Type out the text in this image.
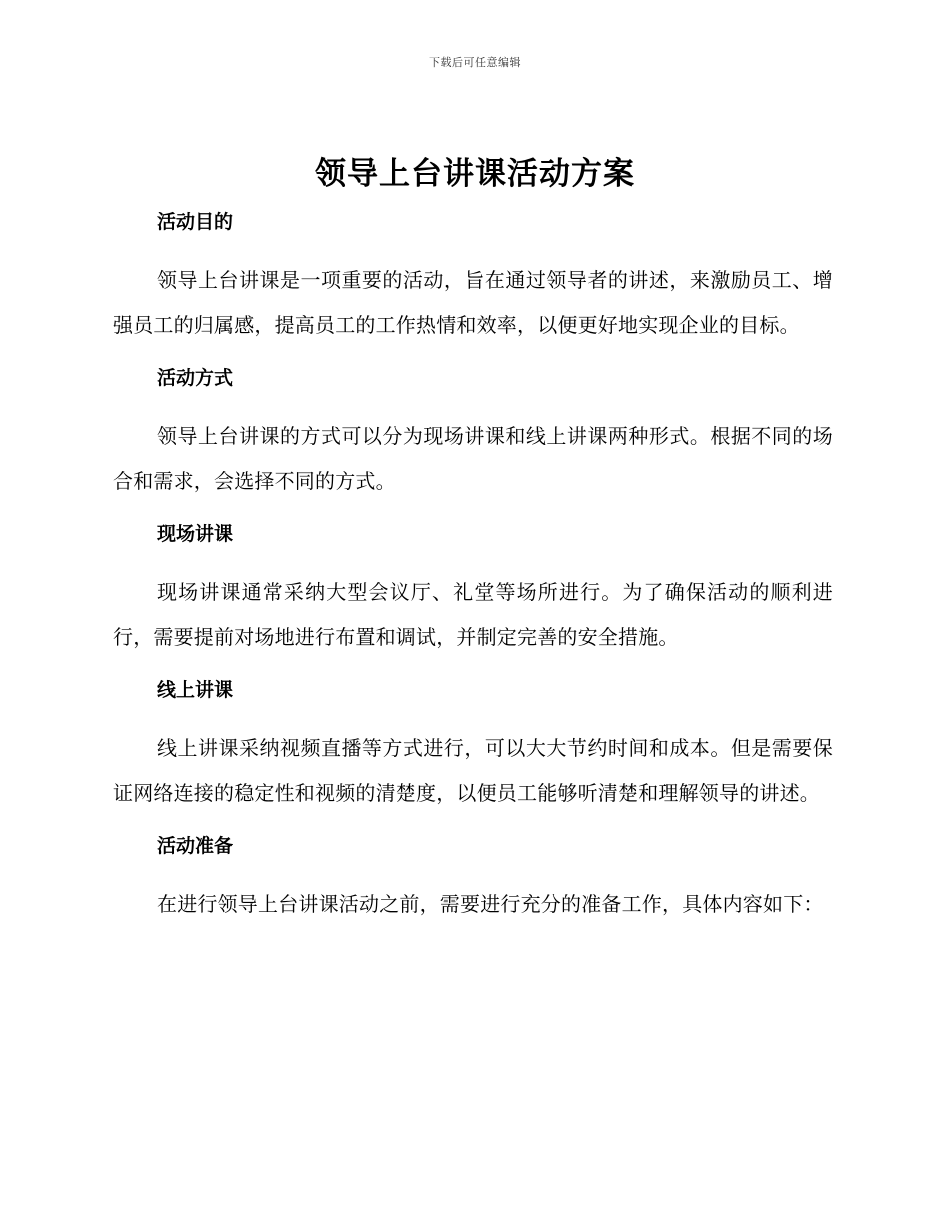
下载后可任意编辑
领导上台讲课活动方案
活动目的

领导上台讲课是一项重要的活动，旨在通过领导者的讲述，来激励员工、增强员工的归属感，提高员工的工作热情和效率，以便更好地实现企业的目标。

活动方式

领导上台讲课的方式可以分为现场讲课和线上讲课两种形式。根据不同的场合和需求，会选择不同的方式。

现场讲课

现场讲课通常采纳大型会议厅、礼堂等场所进行。为了确保活动的顺利进行，需要提前对场地进行布置和调试，并制定完善的安全措施。

线上讲课

线上讲课采纳视频直播等方式进行，可以大大节约时间和成本。但是需要保证网络连接的稳定性和视频的清楚度，以便员工能够听清楚和理解领导的讲述。

活动准备

在进行领导上台讲课活动之前，需要进行充分的准备工作，具体内容如下：
